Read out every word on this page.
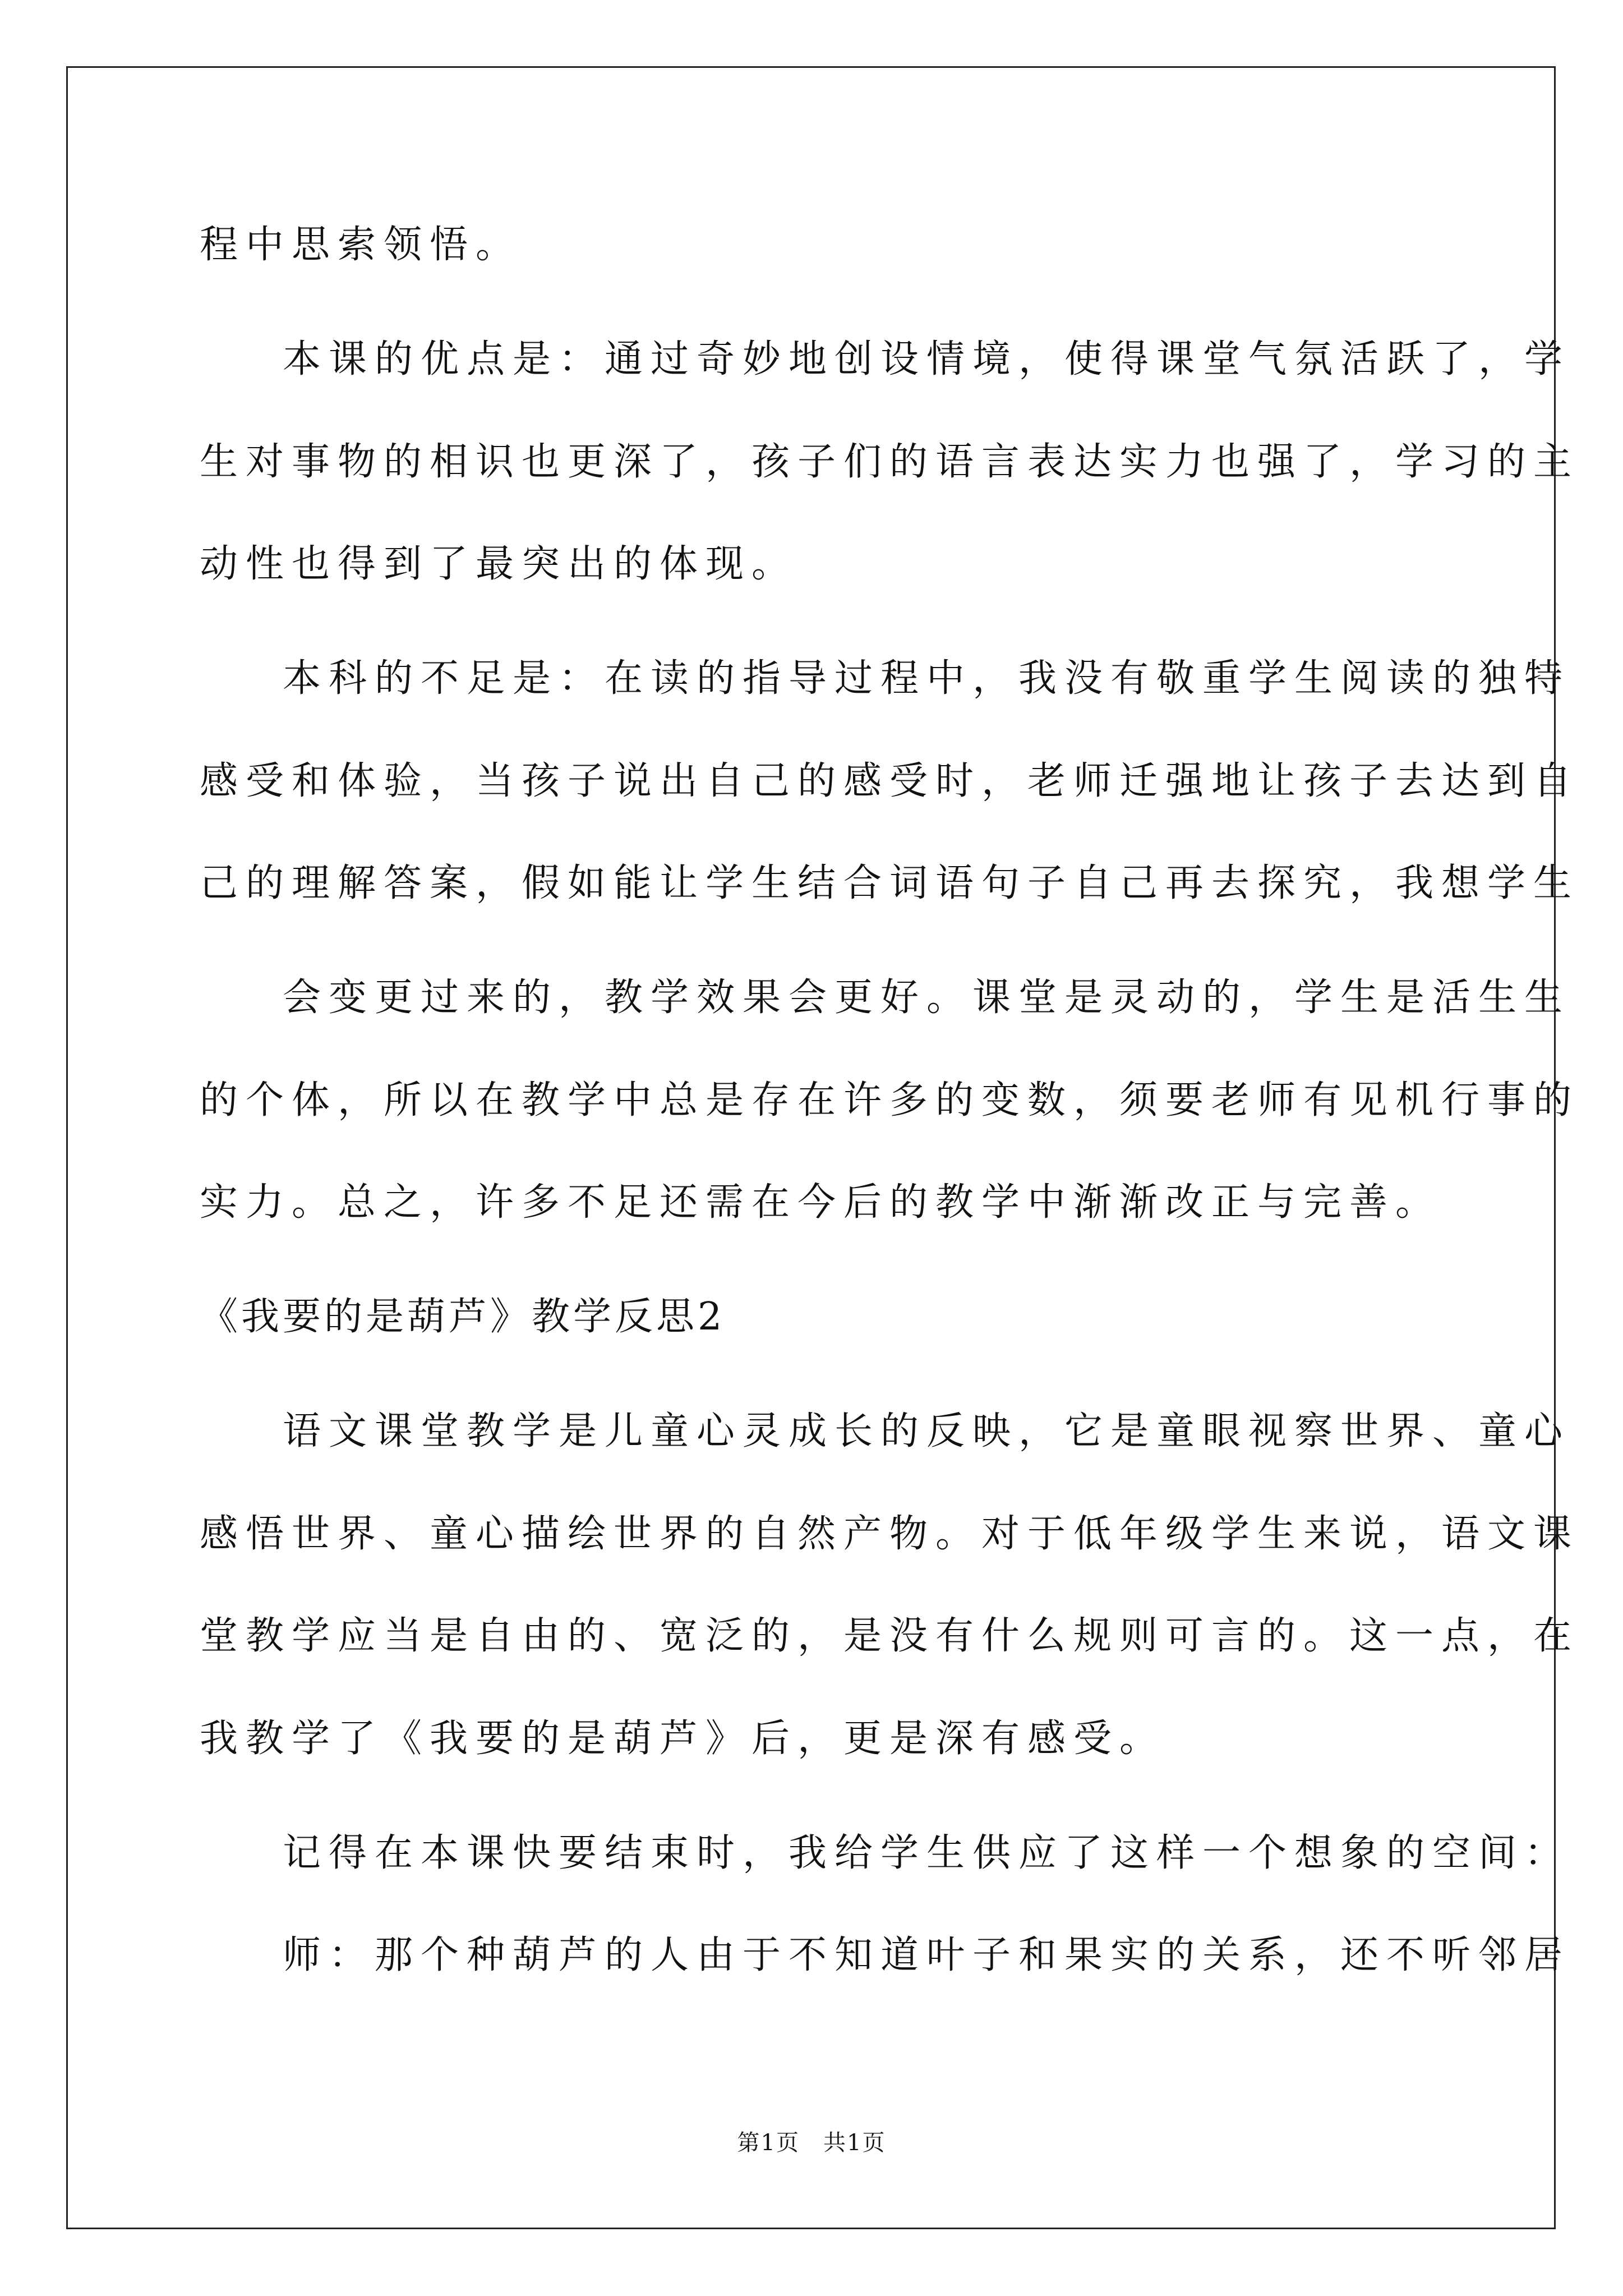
程中思索领悟。
本课的优点是：通过奇妙地创设情境，使得课堂气氛活跃了，学
生对事物的相识也更深了，孩子们的语言表达实力也强了，学习的主
动性也得到了最突出的体现。
本科的不足是：在读的指导过程中，我没有敬重学生阅读的独特
感受和体验，当孩子说出自己的感受时，老师迁强地让孩子去达到自
己的理解答案，假如能让学生结合词语句子自己再去探究，我想学生
会变更过来的，教学效果会更好。课堂是灵动的，学生是活生生
的个体，所以在教学中总是存在许多的变数，须要老师有见机行事的
实力。总之，许多不足还需在今后的教学中渐渐改正与完善。
《我要的是葫芦》教学反思2
语文课堂教学是儿童心灵成长的反映，它是童眼视察世界、童心
感悟世界、童心描绘世界的自然产物。对于低年级学生来说，语文课
堂教学应当是自由的、宽泛的，是没有什么规则可言的。这一点，在
我教学了《我要的是葫芦》后，更是深有感受。
记得在本课快要结束时，我给学生供应了这样一个想象的空间：
师：那个种葫芦的人由于不知道叶子和果实的关系，还不听邻居
第1页　共1页
